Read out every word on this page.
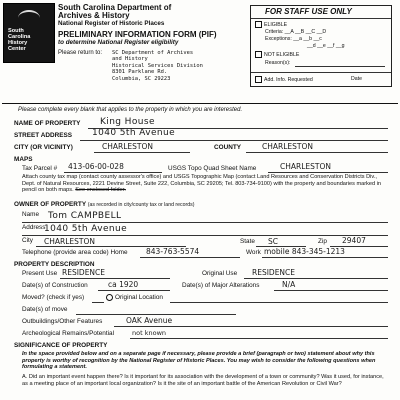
South
Carolina
History
Center
South Carolina Department of
Archives & History
National Register of Historic Places
PRELIMINARY INFORMATION FORM (PIF)
to determine National Register eligibility
Please return to: SC Department of Archives
and History
Historical Services Division
8301 Parklane Rd.
Columbia, SC 29223
FOR STAFF USE ONLY
ELIGIBLE
Criteria: __A __B __C __D
Exceptions: __a __b __c
__d __e __f __g
NOT ELIGIBLE
Reason(s):
Add. Info. Requested	Date
Please complete every blank that applies to the property in which you are interested.
NAME OF PROPERTY King House
STREET ADDRESS 1040 5th Avenue
CITY (OR VICINITY)	CHARLESTON	COUNTY	CHARLESTON
MAPS
Tax Parcel # 413-06-00-028	USGS Topo Quad Sheet Name	CHARLESTON
Attach county tax map (contact county assessor's office) and USGS Topographic Map (contact Land Resources and Conservation Districts Div., Dept. of Natural Resources, 2221 Devine Street, Suite 222, Columbia, SC 29205; Tel. 803-734-9100) with the property and boundaries marked in pencil on both maps. See enclosed folder.
OWNER OF PROPERTY (as recorded in city/county tax or land records)
Name Tom CAMPBELL
Address
1040 5th Avenue
City CHARLESTON	State SC	Zip 29407
Telephone (provide area code) Home 843-763-5574	Work mobile 843-345-1213
PROPERTY DESCRIPTION
Present Use RESIDENCE	Original Use RESIDENCE
Date(s) of Construction	ca 1920	Date(s) of Major Alterations	N/A
Moved? (check if yes)	Original Location
Date(s) of move
Outbuildings/Other Features	OAK Avenue
Archeological Remains/Potential	not known
SIGNIFICANCE OF PROPERTY
In the space provided below and on a separate page if necessary, please provide a brief (paragraph or two) statement about why this property is worthy of recognition by the National Register of Historic Places. You may wish to consider the following questions when formulating a statement.
A. Did an important event happen there? Is it important for its association with the development of a town or community? Was it used, for instance, as a meeting place of an important local organization? Is it the site of an important battle of the American Revolution or Civil War?
